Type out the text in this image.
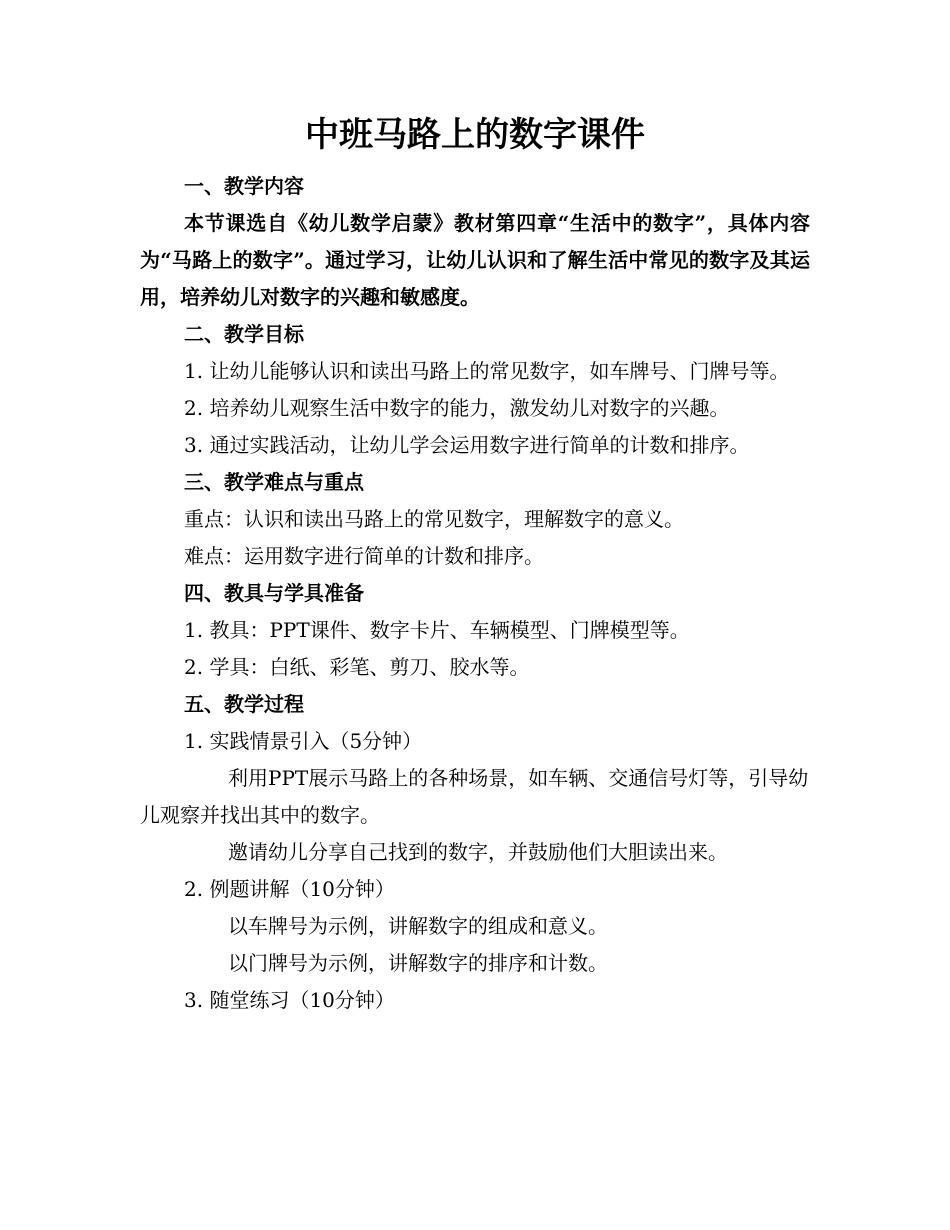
中班马路上的数字课件

一、教学内容

本节课选自《幼儿数学启蒙》教材第四章“生活中的数字”，具体内容为“马路上的数字”。通过学习，让幼儿认识和了解生活中常见的数字及其运用，培养幼儿对数字的兴趣和敏感度。

二、教学目标

1. 让幼儿能够认识和读出马路上的常见数字，如车牌号、门牌号等。

2. 培养幼儿观察生活中数字的能力，激发幼儿对数字的兴趣。

3. 通过实践活动，让幼儿学会运用数字进行简单的计数和排序。

三、教学难点与重点

重点：认识和读出马路上的常见数字，理解数字的意义。

难点：运用数字进行简单的计数和排序。

四、教具与学具准备

1. 教具：PPT课件、数字卡片、车辆模型、门牌模型等。

2. 学具：白纸、彩笔、剪刀、胶水等。

五、教学过程

1. 实践情景引入（5分钟）

利用PPT展示马路上的各种场景，如车辆、交通信号灯等，引导幼儿观察并找出其中的数字。

邀请幼儿分享自己找到的数字，并鼓励他们大胆读出来。

2. 例题讲解（10分钟）

以车牌号为示例，讲解数字的组成和意义。

以门牌号为示例，讲解数字的排序和计数。

3. 随堂练习（10分钟）
